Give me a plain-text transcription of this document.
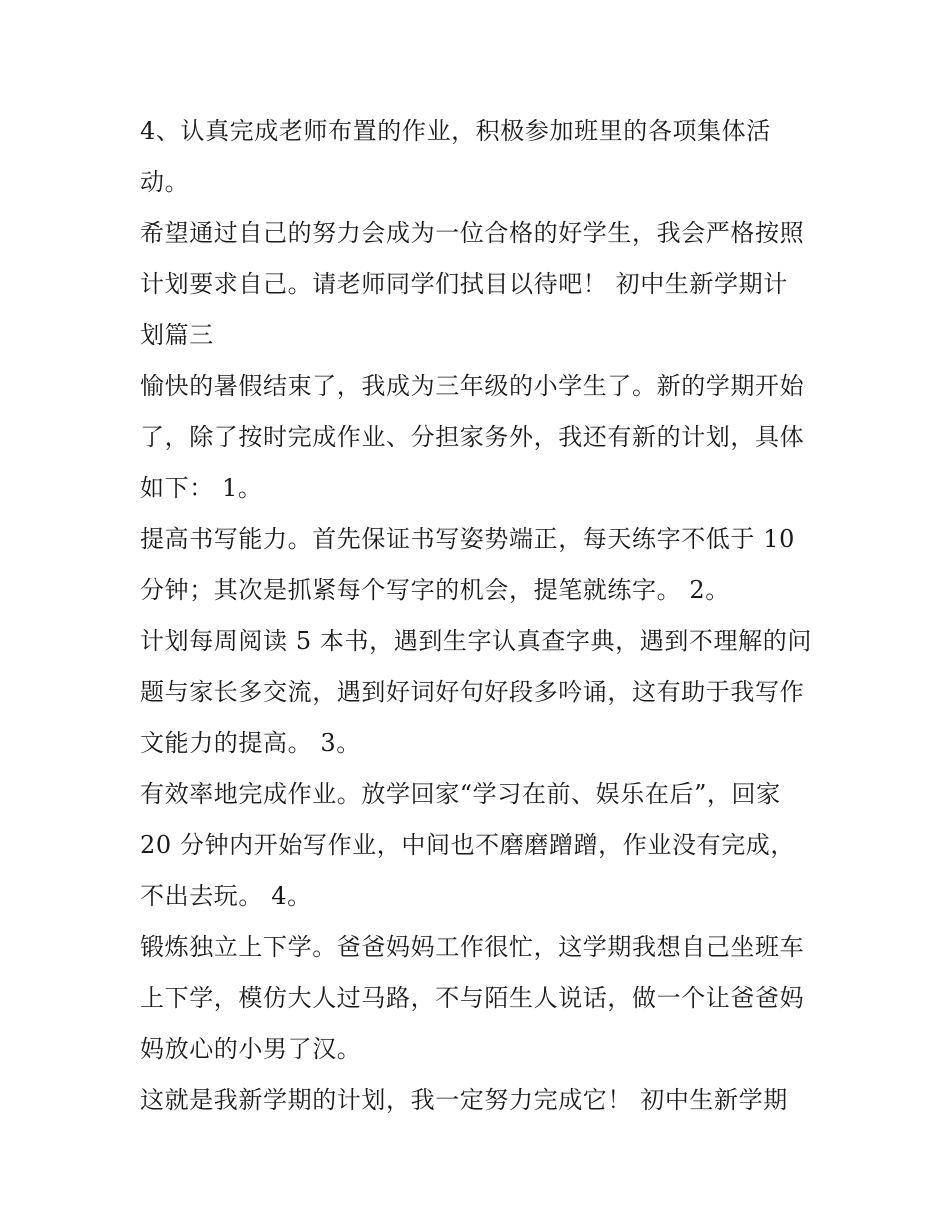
4、认真完成老师布置的作业，积极参加班里的各项集体活
动。
希望通过自己的努力会成为一位合格的好学生，我会严格按照
计划要求自己。请老师同学们拭目以待吧！ 初中生新学期计
划篇三
愉快的暑假结束了，我成为三年级的小学生了。新的学期开始
了，除了按时完成作业、分担家务外，我还有新的计划，具体
如下： 1。
提高书写能力。首先保证书写姿势端正，每天练字不低于 10
分钟；其次是抓紧每个写字的机会，提笔就练字。 2。
计划每周阅读 5 本书，遇到生字认真查字典，遇到不理解的问
题与家长多交流，遇到好词好句好段多吟诵，这有助于我写作
文能力的提高。 3。
有效率地完成作业。放学回家“学习在前、娱乐在后”，回家
20 分钟内开始写作业，中间也不磨磨蹭蹭，作业没有完成，
不出去玩。 4。
锻炼独立上下学。爸爸妈妈工作很忙，这学期我想自己坐班车
上下学，模仿大人过马路，不与陌生人说话，做一个让爸爸妈
妈放心的小男了汉。
这就是我新学期的计划，我一定努力完成它！ 初中生新学期
